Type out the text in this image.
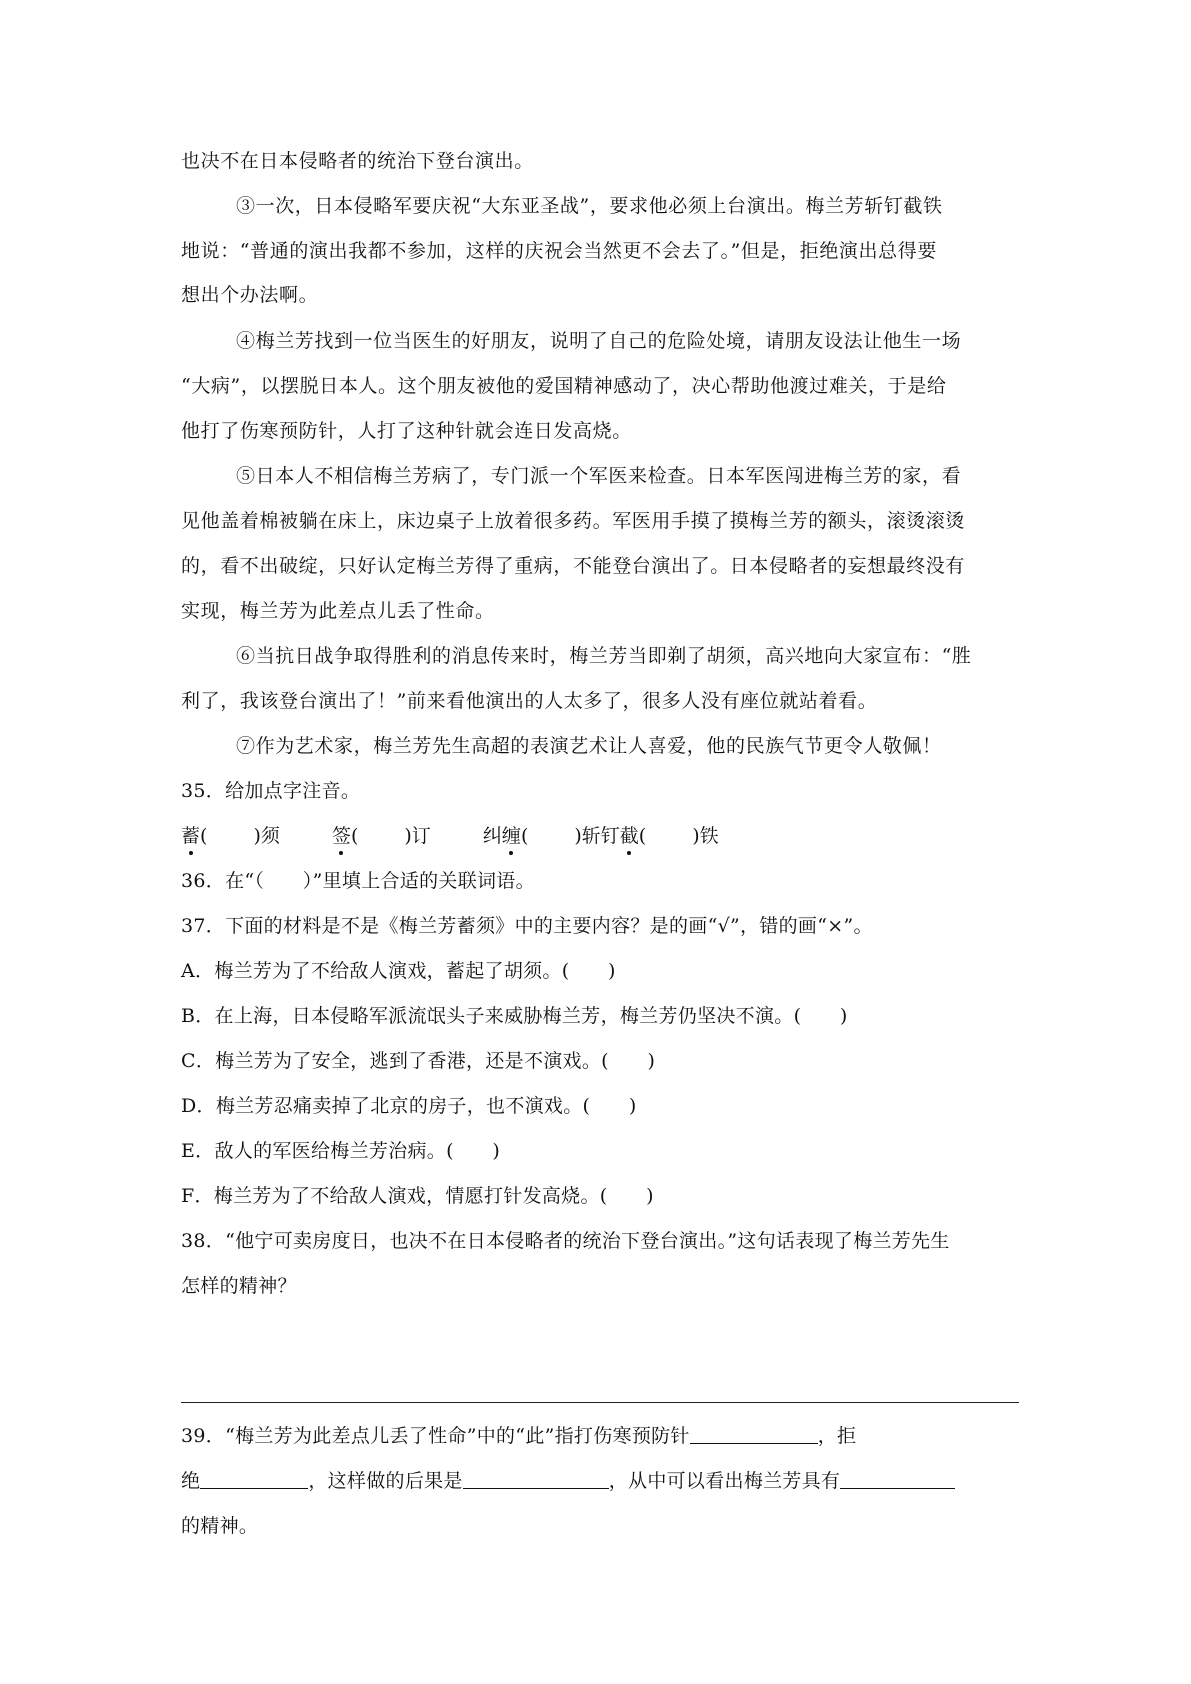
也决不在日本侵略者的统治下登台演出。
③一次，日本侵略军要庆祝“大东亚圣战”，要求他必须上台演出。梅兰芳斩钉截铁
地说：“普通的演出我都不参加，这样的庆祝会当然更不会去了。”但是，拒绝演出总得要
想出个办法啊。
④梅兰芳找到一位当医生的好朋友，说明了自己的危险处境，请朋友设法让他生一场
“大病”，以摆脱日本人。这个朋友被他的爱国精神感动了，决心帮助他渡过难关，于是给
他打了伤寒预防针，人打了这种针就会连日发高烧。
⑤日本人不相信梅兰芳病了，专门派一个军医来检查。日本军医闯进梅兰芳的家，看
见他盖着棉被躺在床上，床边桌子上放着很多药。军医用手摸了摸梅兰芳的额头，滚烫滚烫
的，看不出破绽，只好认定梅兰芳得了重病，不能登台演出了。日本侵略者的妄想最终没有
实现，梅兰芳为此差点儿丢了性命。
⑥当抗日战争取得胜利的消息传来时，梅兰芳当即剃了胡须，高兴地向大家宣布：“胜
利了，我该登台演出了！”前来看他演出的人太多了，很多人没有座位就站着看。
⑦作为艺术家，梅兰芳先生高超的表演艺术让人喜爱，他的民族气节更令人敬佩！
35．给加点字注音。
蓄( )须	签( )订	纠缠( )斩钉截( )铁
36．在“（　　）”里填上合适的关联词语。
37．下面的材料是不是《梅兰芳蓄须》中的主要内容？是的画“√”，错的画“×”。
A．梅兰芳为了不给敌人演戏，蓄起了胡须。(　　)
B．在上海，日本侵略军派流氓头子来威胁梅兰芳，梅兰芳仍坚决不演。(　　)
C．梅兰芳为了安全，逃到了香港，还是不演戏。(　　)
D．梅兰芳忍痛卖掉了北京的房子，也不演戏。(　　)
E．敌人的军医给梅兰芳治病。(　　)
F．梅兰芳为了不给敌人演戏，情愿打针发高烧。(　　)
38．“他宁可卖房度日，也决不在日本侵略者的统治下登台演出。”这句话表现了梅兰芳先生
怎样的精神？
39．“梅兰芳为此差点儿丢了性命”中的“此”指打伤寒预防针	，拒
绝	，这样做的后果是	，从中可以看出梅兰芳具有
的精神。
